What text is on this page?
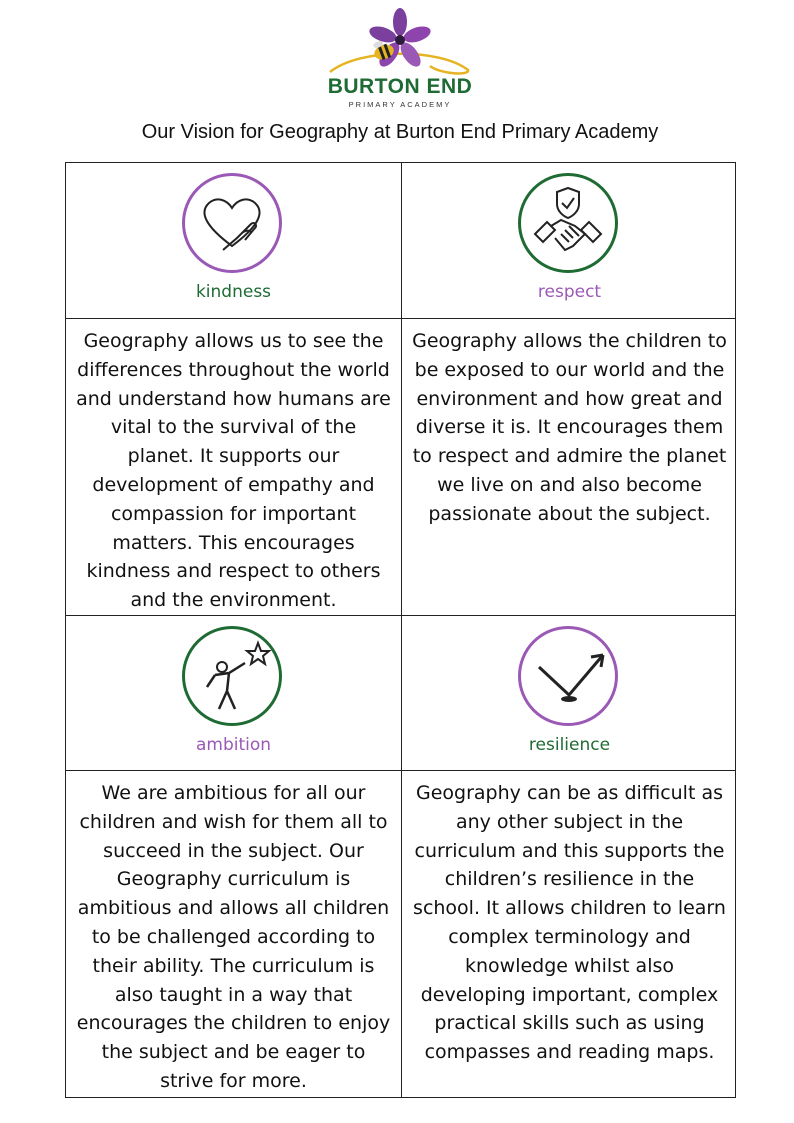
BURTON END
PRIMARY ACADEMY
Our Vision for Geography at Burton End Primary Academy
kindness	respect
Geography allows us to see the differences throughout the world and understand how humans are vital to the survival of the planet. It supports our development of empathy and compassion for important matters. This encourages kindness and respect to others and the environment.
Geography allows the children to be exposed to our world and the environment and how great and diverse it is. It encourages them to respect and admire the planet we live on and also become passionate about the subject.
ambition	resilience
We are ambitious for all our children and wish for them all to succeed in the subject. Our Geography curriculum is ambitious and allows all children to be challenged according to their ability. The curriculum is also taught in a way that encourages the children to enjoy the subject and be eager to strive for more.
Geography can be as difficult as any other subject in the curriculum and this supports the children’s resilience in the school. It allows children to learn complex terminology and knowledge whilst also developing important, complex practical skills such as using compasses and reading maps.
